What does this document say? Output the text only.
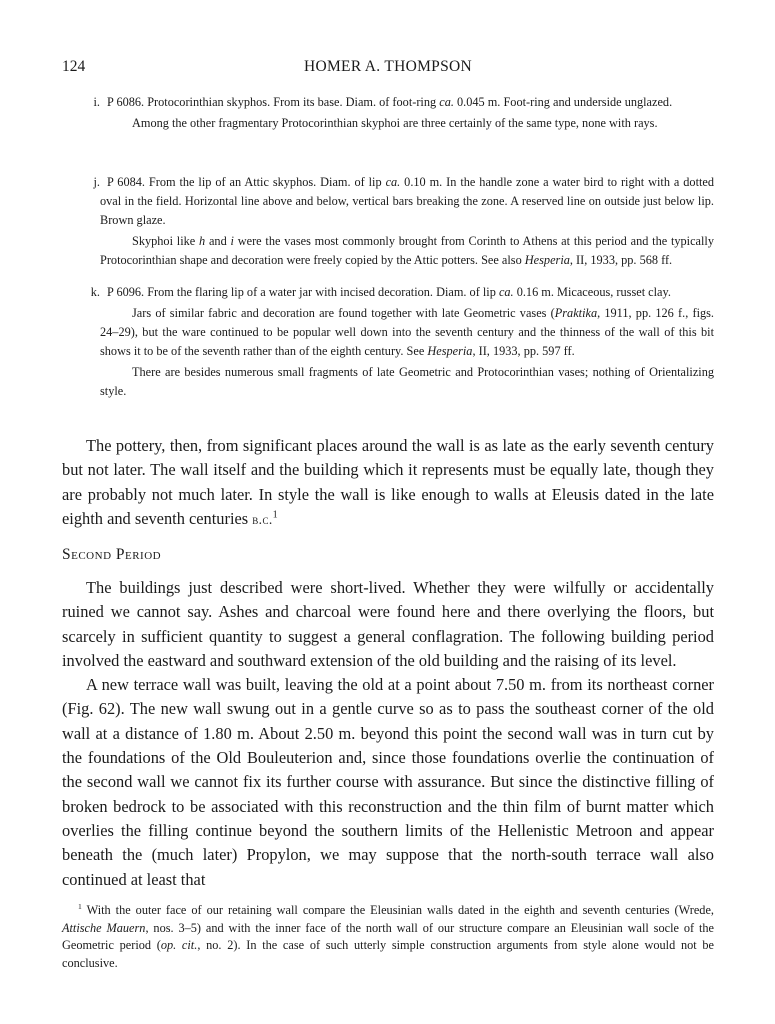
124	HOMER A. THOMPSON
i. P 6086. Protocorinthian skyphos. From its base. Diam. of foot-ring ca. 0.045 m. Foot-ring and underside unglazed.

Among the other fragmentary Protocorinthian skyphoi are three certainly of the same type, none with rays.

j. P 6084. From the lip of an Attic skyphos. Diam. of lip ca. 0.10 m. In the handle zone a water bird to right with a dotted oval in the field. Horizontal line above and below, vertical bars breaking the zone. A reserved line on outside just below lip. Brown glaze.

Skyphoi like h and i were the vases most commonly brought from Corinth to Athens at this period and the typically Protocorinthian shape and decoration were freely copied by the Attic potters. See also Hesperia, II, 1933, pp. 568 ff.

k. P 6096. From the flaring lip of a water jar with incised decoration. Diam. of lip ca. 0.16 m. Micaceous, russet clay.

Jars of similar fabric and decoration are found together with late Geometric vases (Praktika, 1911, pp. 126 f., figs. 24–29), but the ware continued to be popular well down into the seventh century and the thinness of the wall of this bit shows it to be of the seventh rather than of the eighth century. See Hesperia, II, 1933, pp. 597 ff.

There are besides numerous small fragments of late Geometric and Protocorinthian vases; nothing of Orientalizing style.

The pottery, then, from significant places around the wall is as late as the early seventh century but not later. The wall itself and the building which it represents must be equally late, though they are probably not much later. In style the wall is like enough to walls at Eleusis dated in the late eighth and seventh centuries b.c.$^1$

Second Period

The buildings just described were short-lived. Whether they were wilfully or accidentally ruined we cannot say. Ashes and charcoal were found here and there overlying the floors, but scarcely in sufficient quantity to suggest a general conflagration. The following building period involved the eastward and southward extension of the old building and the raising of its level.

A new terrace wall was built, leaving the old at a point about 7.50 m. from its northeast corner (Fig. 62). The new wall swung out in a gentle curve so as to pass the southeast corner of the old wall at a distance of 1.80 m. About 2.50 m. beyond this point the second wall was in turn cut by the foundations of the Old Bouleuterion and, since those foundations overlie the continuation of the second wall we cannot fix its further course with assurance. But since the distinctive filling of broken bedrock to be associated with this reconstruction and the thin film of burnt matter which overlies the filling continue beyond the southern limits of the Hellenistic Metroon and appear beneath the (much later) Propylon, we may suppose that the north-south terrace wall also continued at least that

$^1$ With the outer face of our retaining wall compare the Eleusinian walls dated in the eighth and seventh centuries (Wrede, Attische Mauern, nos. 3–5) and with the inner face of the north wall of our structure compare an Eleusinian wall socle of the Geometric period (op. cit., no. 2). In the case of such utterly simple construction arguments from style alone would not be conclusive.
